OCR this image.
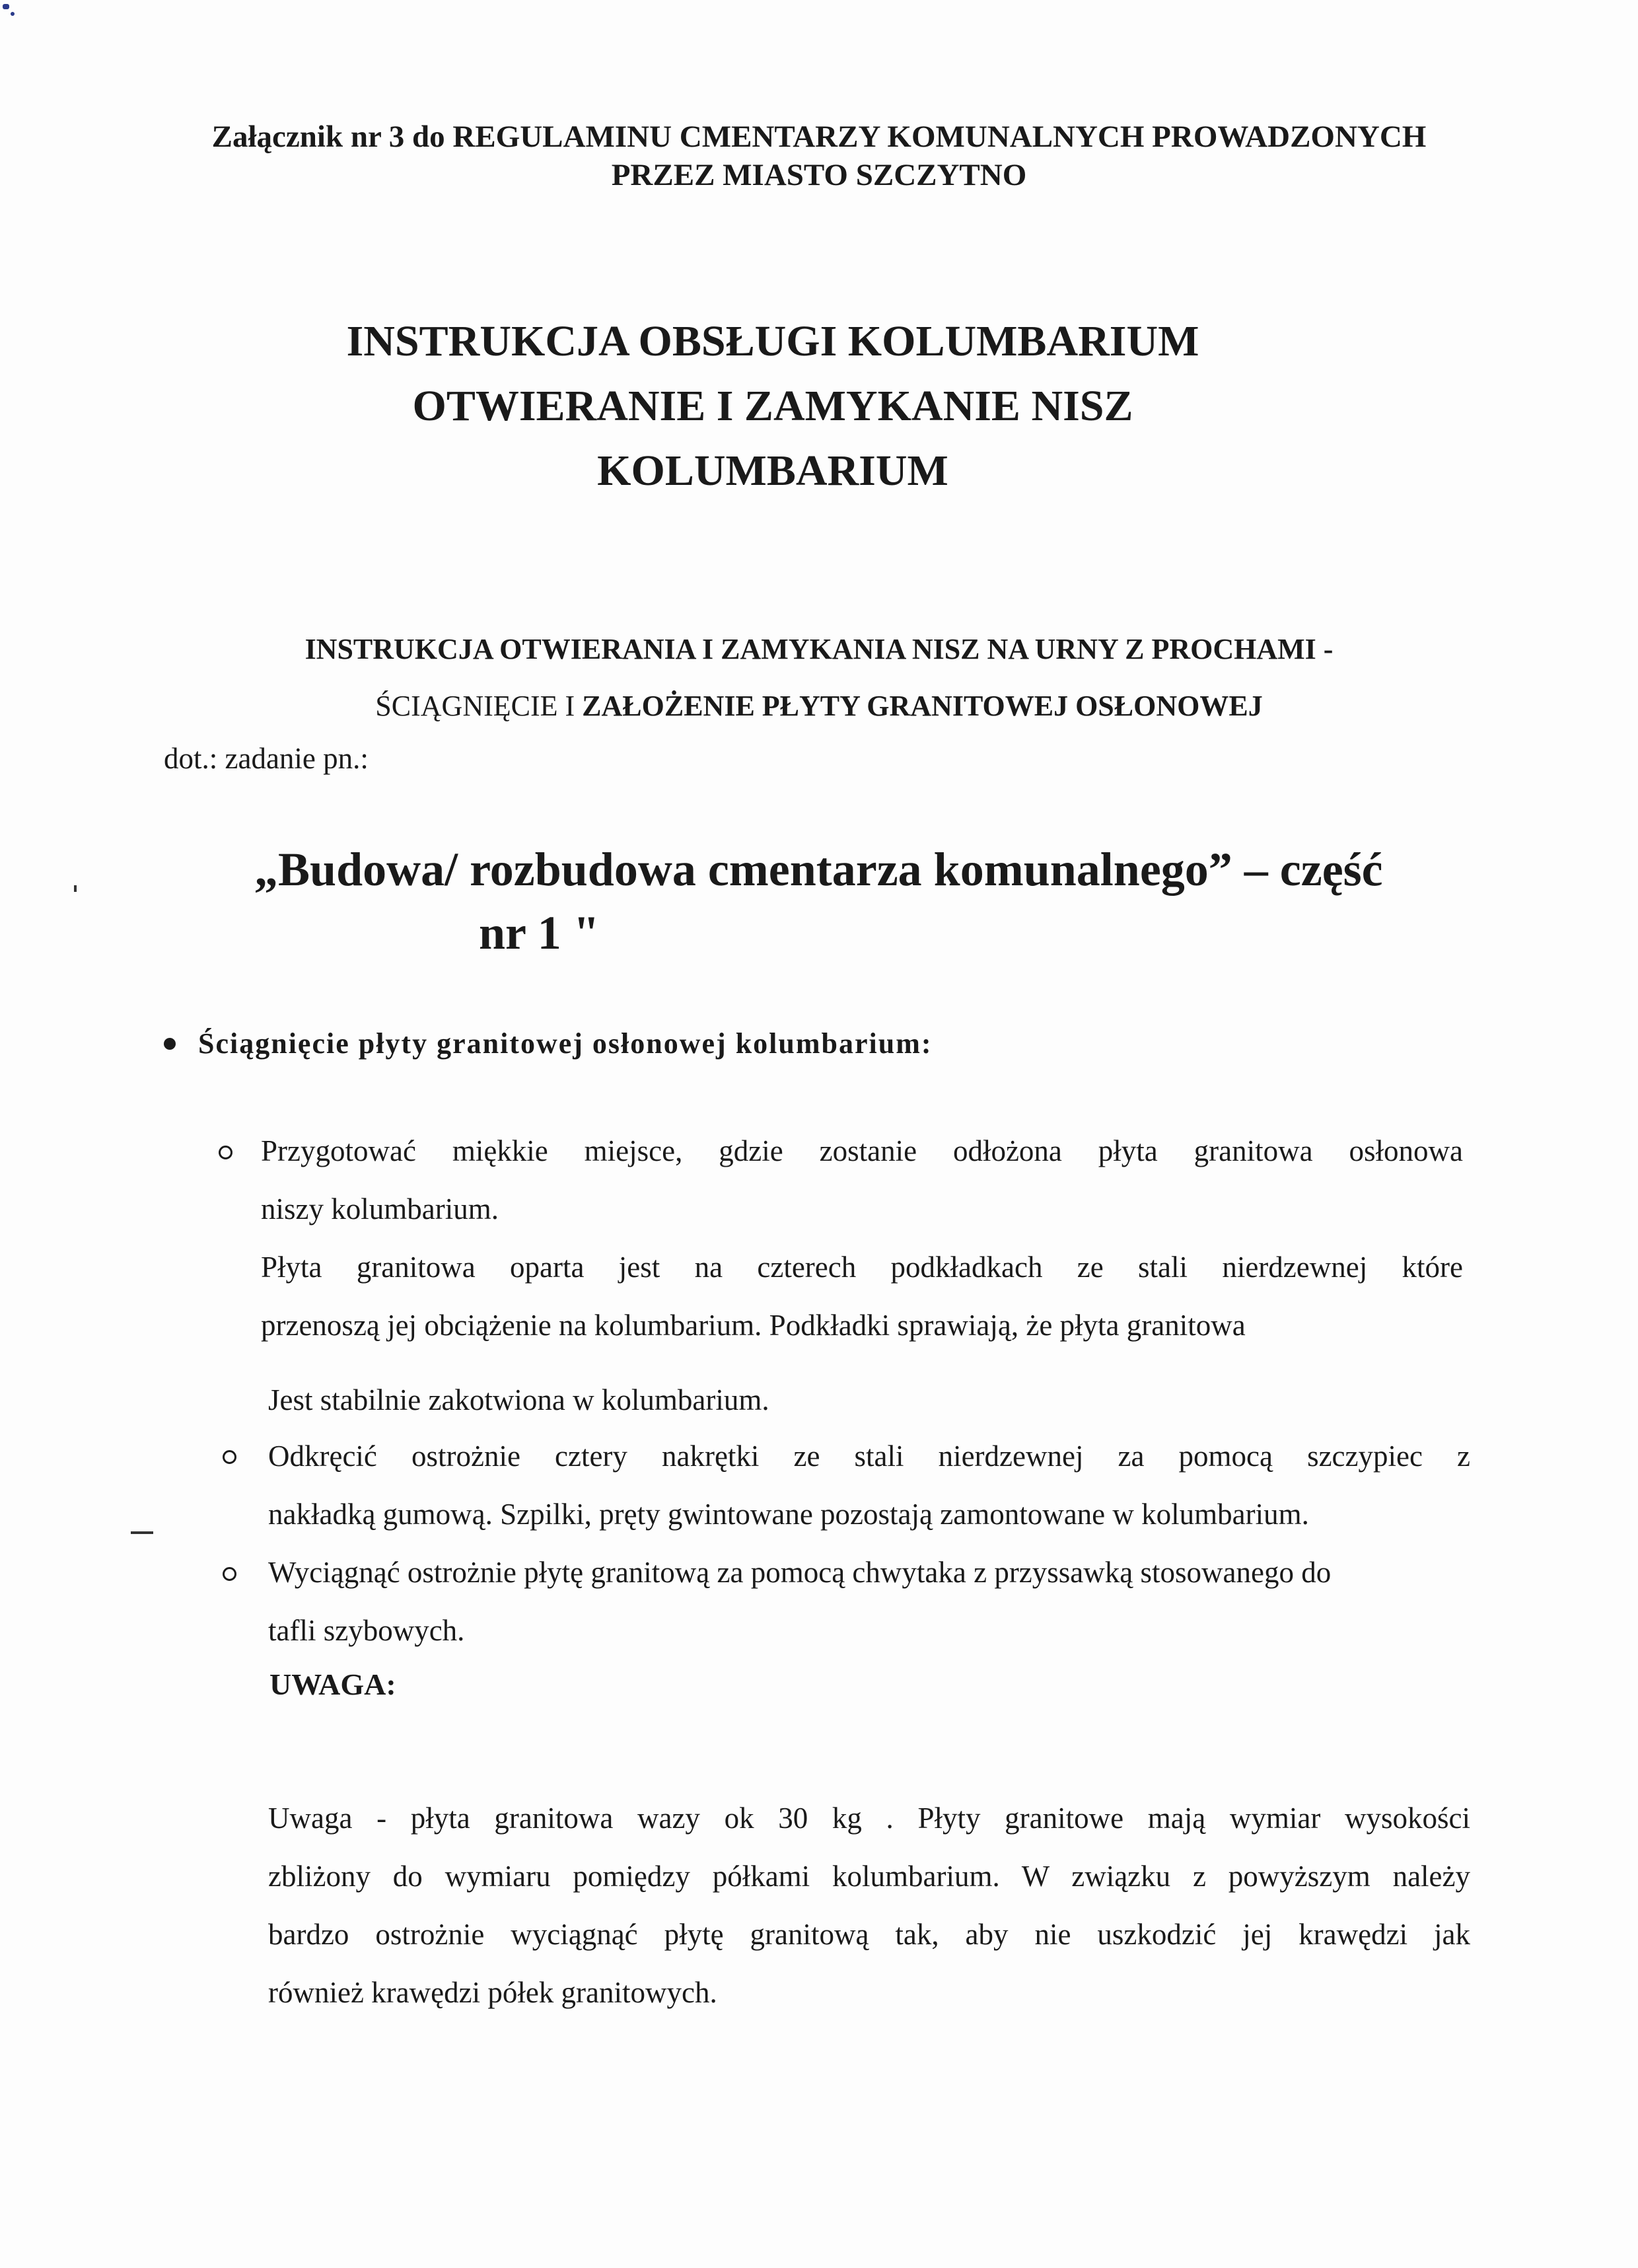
Załącznik nr 3 do REGULAMINU CMENTARZY KOMUNALNYCH PROWADZONYCH
PRZEZ MIASTO SZCZYTNO
INSTRUKCJA OBSŁUGI KOLUMBARIUM
OTWIERANIE I ZAMYKANIE NISZ
KOLUMBARIUM
INSTRUKCJA OTWIERANIA I ZAMYKANIA NISZ NA URNY Z PROCHAMI -
ŚCIĄGNIĘCIE I ZAŁOŻENIE PŁYTY GRANITOWEJ OSŁONOWEJ
dot.: zadanie pn.:
„Budowa/ rozbudowa cmentarza komunalnego” – część
nr 1 "
Ściągnięcie płyty granitowej osłonowej kolumbarium:
Przygotować miękkie miejsce, gdzie zostanie odłożona płyta granitowa osłonowa
niszy kolumbarium.
Płyta granitowa oparta jest na czterech podkładkach ze stali nierdzewnej które
przenoszą jej obciążenie na kolumbarium. Podkładki sprawiają, że płyta granitowa
Jest stabilnie zakotwiona w kolumbarium.
Odkręcić ostrożnie cztery nakrętki ze stali nierdzewnej za pomocą szczypiec z
nakładką gumową. Szpilki, pręty gwintowane pozostają zamontowane w kolumbarium.
Wyciągnąć ostrożnie płytę granitową za pomocą chwytaka z przyssawką stosowanego do
tafli szybowych.
UWAGA:
Uwaga - płyta granitowa wazy ok 30 kg . Płyty granitowe mają wymiar wysokości
zbliżony do wymiaru pomiędzy półkami kolumbarium. W związku z powyższym należy
bardzo ostrożnie wyciągnąć płytę granitową tak, aby nie uszkodzić jej krawędzi jak
również krawędzi półek granitowych.
